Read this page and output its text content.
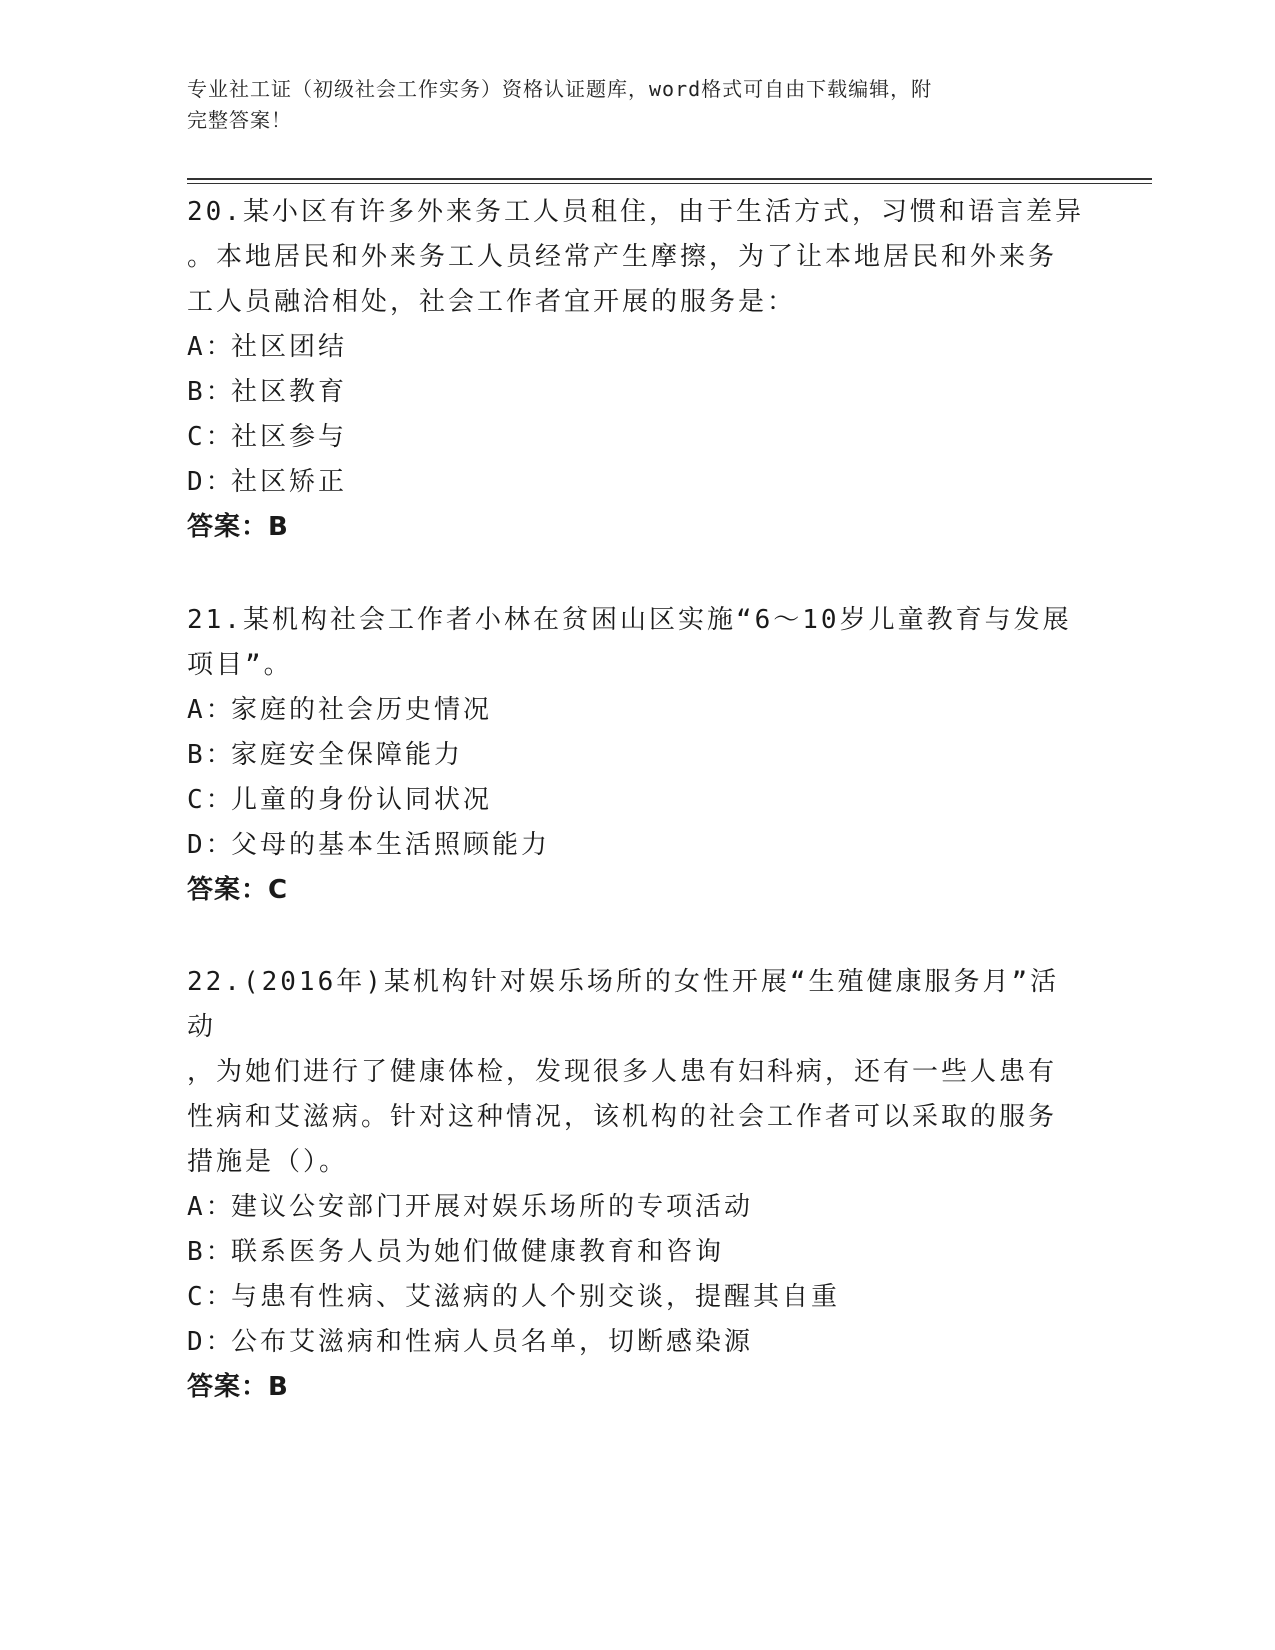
专业社工证（初级社会工作实务）资格认证题库，word格式可自由下载编辑，附
完整答案！

20.某小区有许多外来务工人员租住，由于生活方式，习惯和语言差异

。本地居民和外来务工人员经常产生摩擦，为了让本地居民和外来务

工人员融洽相处，社会工作者宜开展的服务是：

A：社区团结

B：社区教育

C：社区参与

D：社区矫正

答案：B

21.某机构社会工作者小林在贫困山区实施“6～10岁儿童教育与发展

项目”。

A：家庭的社会历史情况

B：家庭安全保障能力

C：儿童的身份认同状况

D：父母的基本生活照顾能力

答案：C

22.(2016年)某机构针对娱乐场所的女性开展“生殖健康服务月”活动

，为她们进行了健康体检，发现很多人患有妇科病，还有一些人患有

性病和艾滋病。针对这种情况，该机构的社会工作者可以采取的服务

措施是（）。

A：建议公安部门开展对娱乐场所的专项活动

B：联系医务人员为她们做健康教育和咨询

C：与患有性病、艾滋病的人个别交谈，提醒其自重

D：公布艾滋病和性病人员名单，切断感染源

答案：B
